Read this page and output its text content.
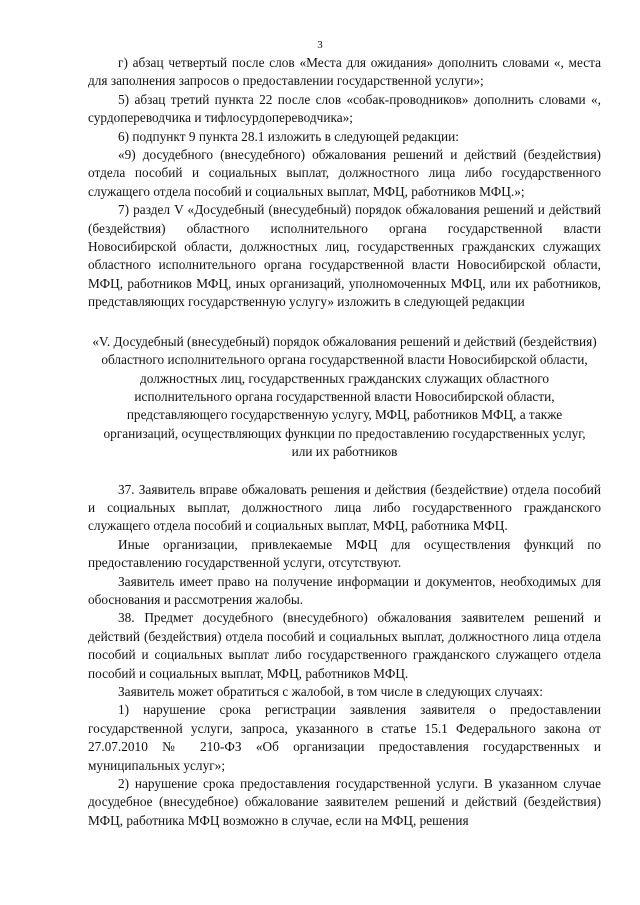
3

г) абзац четвертый после слов «Места для ожидания» дополнить словами «, места для заполнения запросов о предоставлении государственной услуги»;

5) абзац третий пункта 22 после слов «собак-проводников» дополнить словами «, сурдопереводчика и тифлосурдопереводчика»;

6) подпункт 9 пункта 28.1 изложить в следующей редакции:

«9) досудебного (внесудебного) обжалования решений и действий (бездействия) отдела пособий и социальных выплат, должностного лица либо государственного служащего отдела пособий и социальных выплат, МФЦ, работников МФЦ.»;

7) раздел V «Досудебный (внесудебный) порядок обжалования решений и действий (бездействия) областного исполнительного органа государственной власти Новосибирской области, должностных лиц, государственных гражданских служащих областного исполнительного органа государственной власти Новосибирской области, МФЦ, работников МФЦ, иных организаций, уполномоченных МФЦ, или их работников, представляющих государственную услугу» изложить в следующей редакции

«V. Досудебный (внесудебный) порядок обжалования решений и действий (бездействия) областного исполнительного органа государственной власти Новосибирской области, должностных лиц, государственных гражданских служащих областного исполнительного органа государственной власти Новосибирской области, представляющего государственную услугу, МФЦ, работников МФЦ, а также организаций, осуществляющих функции по предоставлению государственных услуг, или их работников

37. Заявитель вправе обжаловать решения и действия (бездействие) отдела пособий и социальных выплат, должностного лица либо государственного гражданского служащего отдела пособий и социальных выплат, МФЦ, работника МФЦ.

Иные организации, привлекаемые МФЦ для осуществления функций по предоставлению государственной услуги, отсутствуют.

Заявитель имеет право на получение информации и документов, необходимых для обоснования и рассмотрения жалобы.

38. Предмет досудебного (внесудебного) обжалования заявителем решений и действий (бездействия) отдела пособий и социальных выплат, должностного лица отдела пособий и социальных выплат либо государственного гражданского служащего отдела пособий и социальных выплат, МФЦ, работников МФЦ.

Заявитель может обратиться с жалобой, в том числе в следующих случаях:

1) нарушение срока регистрации заявления заявителя о предоставлении государственной услуги, запроса, указанного в статье 15.1 Федерального закона от 27.07.2010 № 210-ФЗ «Об организации предоставления государственных и муниципальных услуг»;

2) нарушение срока предоставления государственной услуги. В указанном случае досудебное (внесудебное) обжалование заявителем решений и действий (бездействия) МФЦ, работника МФЦ возможно в случае, если на МФЦ, решения
